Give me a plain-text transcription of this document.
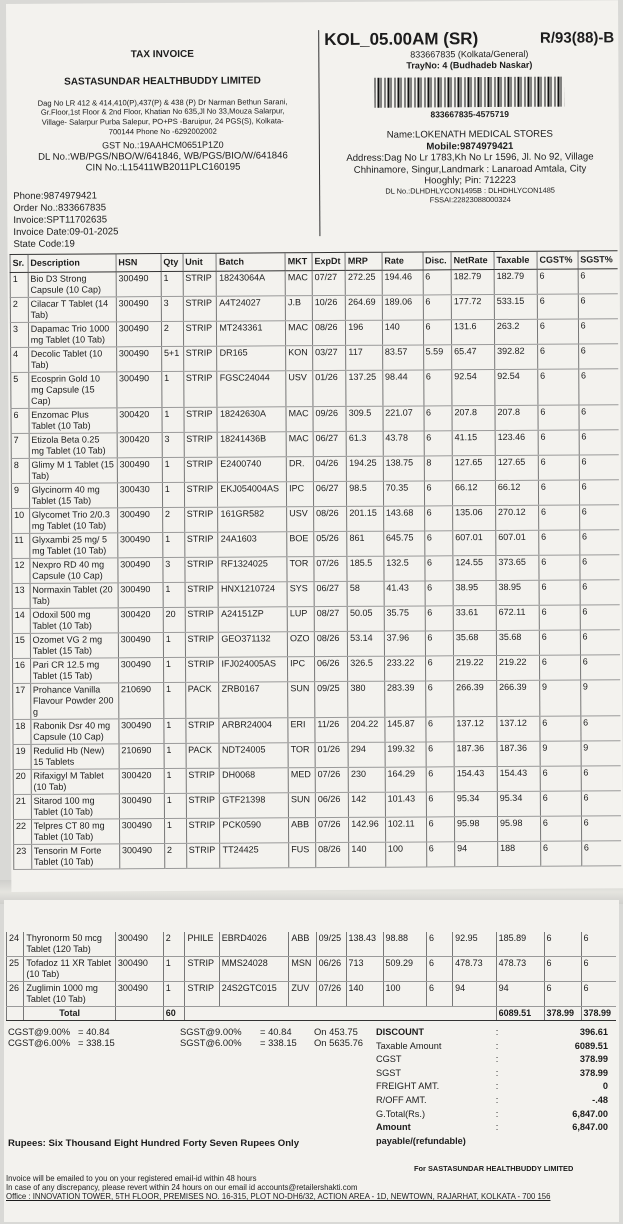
TAX INVOICE
SASTASUNDAR HEALTHBUDDY LIMITED
Dag No LR 412 & 414,410(P),437(P) & 438 (P) Dr Narman Bethun Sarani,
Gr.Floor,1st Floor & 2nd Floor, Khatian No 635,Jl No 33,Mouza Salarpur,
Village- Salarpur Purba Salepur, PO+PS -Baruipur, 24 PGS(S), Kolkata-
700144 Phone No -6292002002
GST No.:19AAHCM0651P1Z0
DL No.:WB/PGS/NBO/W/641846, WB/PGS/BIO/W/641846
CIN No.:L15411WB2011PLC160195
Phone:9874979421
Order No.:833667835
Invoice:SPT11702635
Invoice Date:09-01-2025
State Code:19
KOL_05.00AM (SR)	R/93(88)-B
833667835 (Kolkata/General)
TrayNo: 4 (Budhadeb Naskar)
833667835-4575719
Name:LOKENATH MEDICAL STORES
Mobile:9874979421
Address:Dag No Lr 1783,Kh No Lr 1596, Jl. No 92, Village
Chhinamore, Singur,Landmark : Lanaroad Amtala, City
Hooghly; Pin: 712223
DL No.:DLHDHLYCON1495B : DLHDHLYCON1485
FSSAI:22823088000324
Sr.	Description	HSN	Qty	Unit	Batch	MKT	ExpDt	MRP	Rate	Disc.	NetRate	Taxable	CGST%	SGST%
1	Bio D3 Strong Capsule (10 Cap)	300490	1	STRIP	18243064A	MAC	07/27	272.25	194.46	6	182.79	182.79	6	6
2	Cilacar T Tablet (14 Tab)	300490	3	STRIP	A4T24027	J.B	10/26	264.69	189.06	6	177.72	533.15	6	6
3	Dapamac Trio 1000 mg Tablet (10 Tab)	300490	2	STRIP	MT243361	MAC	08/26	196	140	6	131.6	263.2	6	6
4	Decolic Tablet (10 Tab)	300490	5+1	STRIP	DR165	KON	03/27	117	83.57	5.59	65.47	392.82	6	6
5	Ecosprin Gold 10 mg Capsule (15 Cap)	300490	1	STRIP	FGSC24044	USV	01/26	137.25	98.44	6	92.54	92.54	6	6
6	Enzomac Plus Tablet (10 Tab)	300420	1	STRIP	18242630A	MAC	09/26	309.5	221.07	6	207.8	207.8	6	6
7	Etizola Beta 0.25 mg Tablet (10 Tab)	300420	3	STRIP	18241436B	MAC	06/27	61.3	43.78	6	41.15	123.46	6	6
8	Glimy M 1 Tablet (15 Tab)	300490	1	STRIP	E2400740	DR.	04/26	194.25	138.75	8	127.65	127.65	6	6
9	Glycinorm 40 mg Tablet (15 Tab)	300430	1	STRIP	EKJ054004AS	IPC	06/27	98.5	70.35	6	66.12	66.12	6	6
10	Glycomet Trio 2/0.3 mg Tablet (10 Tab)	300490	2	STRIP	161GR582	USV	08/26	201.15	143.68	6	135.06	270.12	6	6
11	Glyxambi 25 mg/ 5 mg Tablet (10 Tab)	300490	1	STRIP	24A1603	BOE	05/26	861	645.75	6	607.01	607.01	6	6
12	Nexpro RD 40 mg Capsule (10 Cap)	300490	3	STRIP	RF1324025	TOR	07/26	185.5	132.5	6	124.55	373.65	6	6
13	Normaxin Tablet (20 Tab)	300490	1	STRIP	HNX1210724	SYS	06/27	58	41.43	6	38.95	38.95	6	6
14	Odoxil 500 mg Tablet (10 Tab)	300420	20	STRIP	A24151ZP	LUP	08/27	50.05	35.75	6	33.61	672.11	6	6
15	Ozomet VG 2 mg Tablet (15 Tab)	300490	1	STRIP	GEO371132	OZO	08/26	53.14	37.96	6	35.68	35.68	6	6
16	Pari CR 12.5 mg Tablet (15 Tab)	300490	1	STRIP	IFJ024005AS	IPC	06/26	326.5	233.22	6	219.22	219.22	6	6
17	Prohance Vanilla Flavour Powder 200 g	210690	1	PACK	ZRB0167	SUN	09/25	380	283.39	6	266.39	266.39	9	9
18	Rabonik Dsr 40 mg Capsule (10 Cap)	300490	1	STRIP	ARBR24004	ERI	11/26	204.22	145.87	6	137.12	137.12	6	6
19	Redulid Hb (New) 15 Tablets	210690	1	PACK	NDT24005	TOR	01/26	294	199.32	6	187.36	187.36	9	9
20	Rifaxigyl M Tablet (10 Tab)	300420	1	STRIP	DH0068	MED	07/26	230	164.29	6	154.43	154.43	6	6
21	Sitarod 100 mg Tablet (10 Tab)	300490	1	STRIP	GTF21398	SUN	06/26	142	101.43	6	95.34	95.34	6	6
22	Telpres CT 80 mg Tablet (10 Tab)	300490	1	STRIP	PCK0590	ABB	07/26	142.96	102.11	6	95.98	95.98	6	6
23	Tensorin M Forte Tablet (10 Tab)	300490	2	STRIP	TT24425	FUS	08/26	140	100	6	94	188	6	6
24	Thyronorm 50 mcg Tablet (120 Tab)	300490	2	PHILE	EBRD4026	ABB	09/25	138.43	98.88	6	92.95	185.89	6	6
25	Tofadoz 11 XR Tablet (10 Tab)	300490	1	STRIP	MMS24028	MSN	06/26	713	509.29	6	478.73	478.73	6	6
26	Zuglimin 1000 mg Tablet (10 Tab)	300490	1	STRIP	24S2GTC015	ZUV	07/26	140	100	6	94	94	6	6
	Total		60									6089.51	378.99	378.99
CGST@9.00% = 40.84	SGST@9.00%	= 40.84	On 453.75
CGST@6.00% = 338.15	SGST@6.00%	= 338.15	On 5635.76
DISCOUNT	:	396.61
Taxable Amount	:	6089.51
CGST	:	378.99
SGST	:	378.99
FREIGHT AMT.	:	0
R/OFF AMT.	:	-.48
G.Total(Rs.)	:	6,847.00
Amount payable/(refundable)
:	6,847.00
Rupees: Six Thousand Eight Hundred Forty Seven Rupees Only
For SASTASUNDAR HEALTHBUDDY LIMITED
Invoice will be emailed to you on your registered email-id within 48 hours
In case of any discrepancy, please revert within 24 hours on our email id accounts@retailershakti.com
Office : INNOVATION TOWER, 5TH FLOOR, PREMISES NO. 16-315, PLOT NO-DH6/32, ACTION AREA - 1D, NEWTOWN, RAJARHAT, KOLKATA - 700 156
